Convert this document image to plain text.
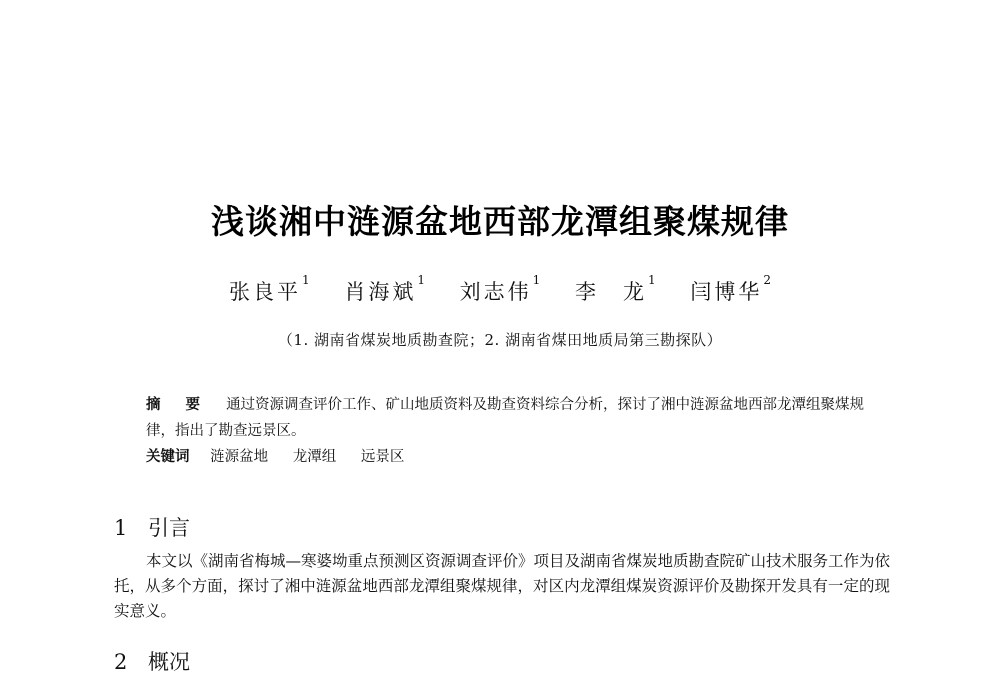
浅谈湘中涟源盆地西部龙潭组聚煤规律
张良平$^1$ 肖海斌$^1$ 刘志伟$^1$ 李　龙$^1$ 闫博华$^2$
（1. 湖南省煤炭地质勘查院；2. 湖南省煤田地质局第三勘探队）
摘 要 通过资源调查评价工作、矿山地质资料及勘查资料综合分析，探讨了湘中涟源盆地西部龙潭组聚煤规律，指出了勘查远景区。
关键词 涟源盆地 龙潭组 远景区
1 引言
本文以《湖南省梅城—寒婆坳重点预测区资源调查评价》项目及湖南省煤炭地质勘查院矿山技术服务工作为依托，从多个方面，探讨了湘中涟源盆地西部龙潭组聚煤规律，对区内龙潭组煤炭资源评价及勘探开发具有一定的现实意义。
2 概况
